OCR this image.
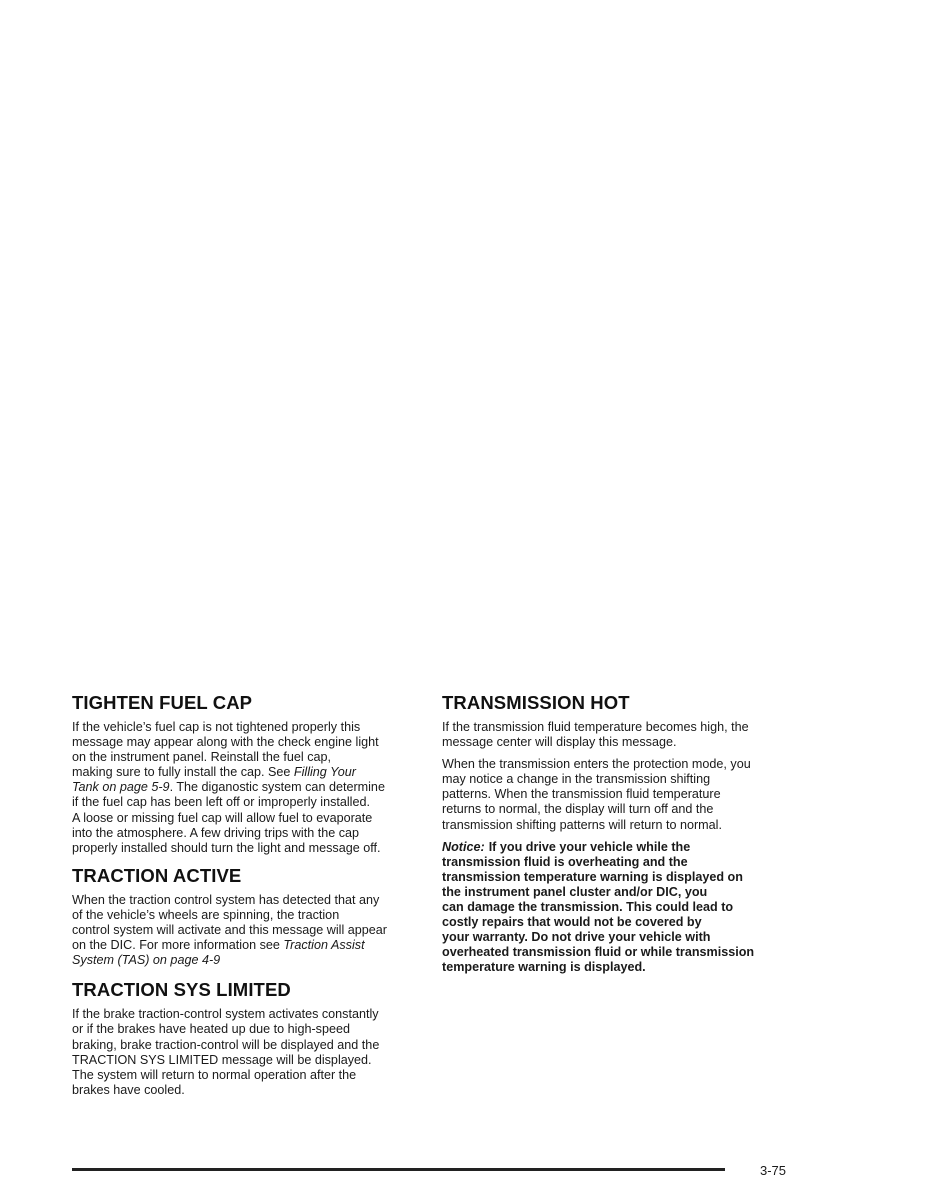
TIGHTEN FUEL CAP

If the vehicle’s fuel cap is not tightened properly this
message may appear along with the check engine light
on the instrument panel. Reinstall the fuel cap,
making sure to fully install the cap. See Filling Your
Tank on page 5-9. The diganostic system can determine
if the fuel cap has been left off or improperly installed.
A loose or missing fuel cap will allow fuel to evaporate
into the atmosphere. A few driving trips with the cap
properly installed should turn the light and message off.

TRACTION ACTIVE

When the traction control system has detected that any
of the vehicle’s wheels are spinning, the traction
control system will activate and this message will appear
on the DIC. For more information see Traction Assist
System (TAS) on page 4-9

TRACTION SYS LIMITED

If the brake traction-control system activates constantly
or if the brakes have heated up due to high-speed
braking, brake traction-control will be displayed and the
TRACTION SYS LIMITED message will be displayed.
The system will return to normal operation after the
brakes have cooled.

TRANSMISSION HOT

If the transmission fluid temperature becomes high, the
message center will display this message.

When the transmission enters the protection mode, you
may notice a change in the transmission shifting
patterns. When the transmission fluid temperature
returns to normal, the display will turn off and the
transmission shifting patterns will return to normal.

Notice: If you drive your vehicle while the
transmission fluid is overheating and the
transmission temperature warning is displayed on
the instrument panel cluster and/or DIC, you
can damage the transmission. This could lead to
costly repairs that would not be covered by
your warranty. Do not drive your vehicle with
overheated transmission fluid or while transmission
temperature warning is displayed.

3-75
